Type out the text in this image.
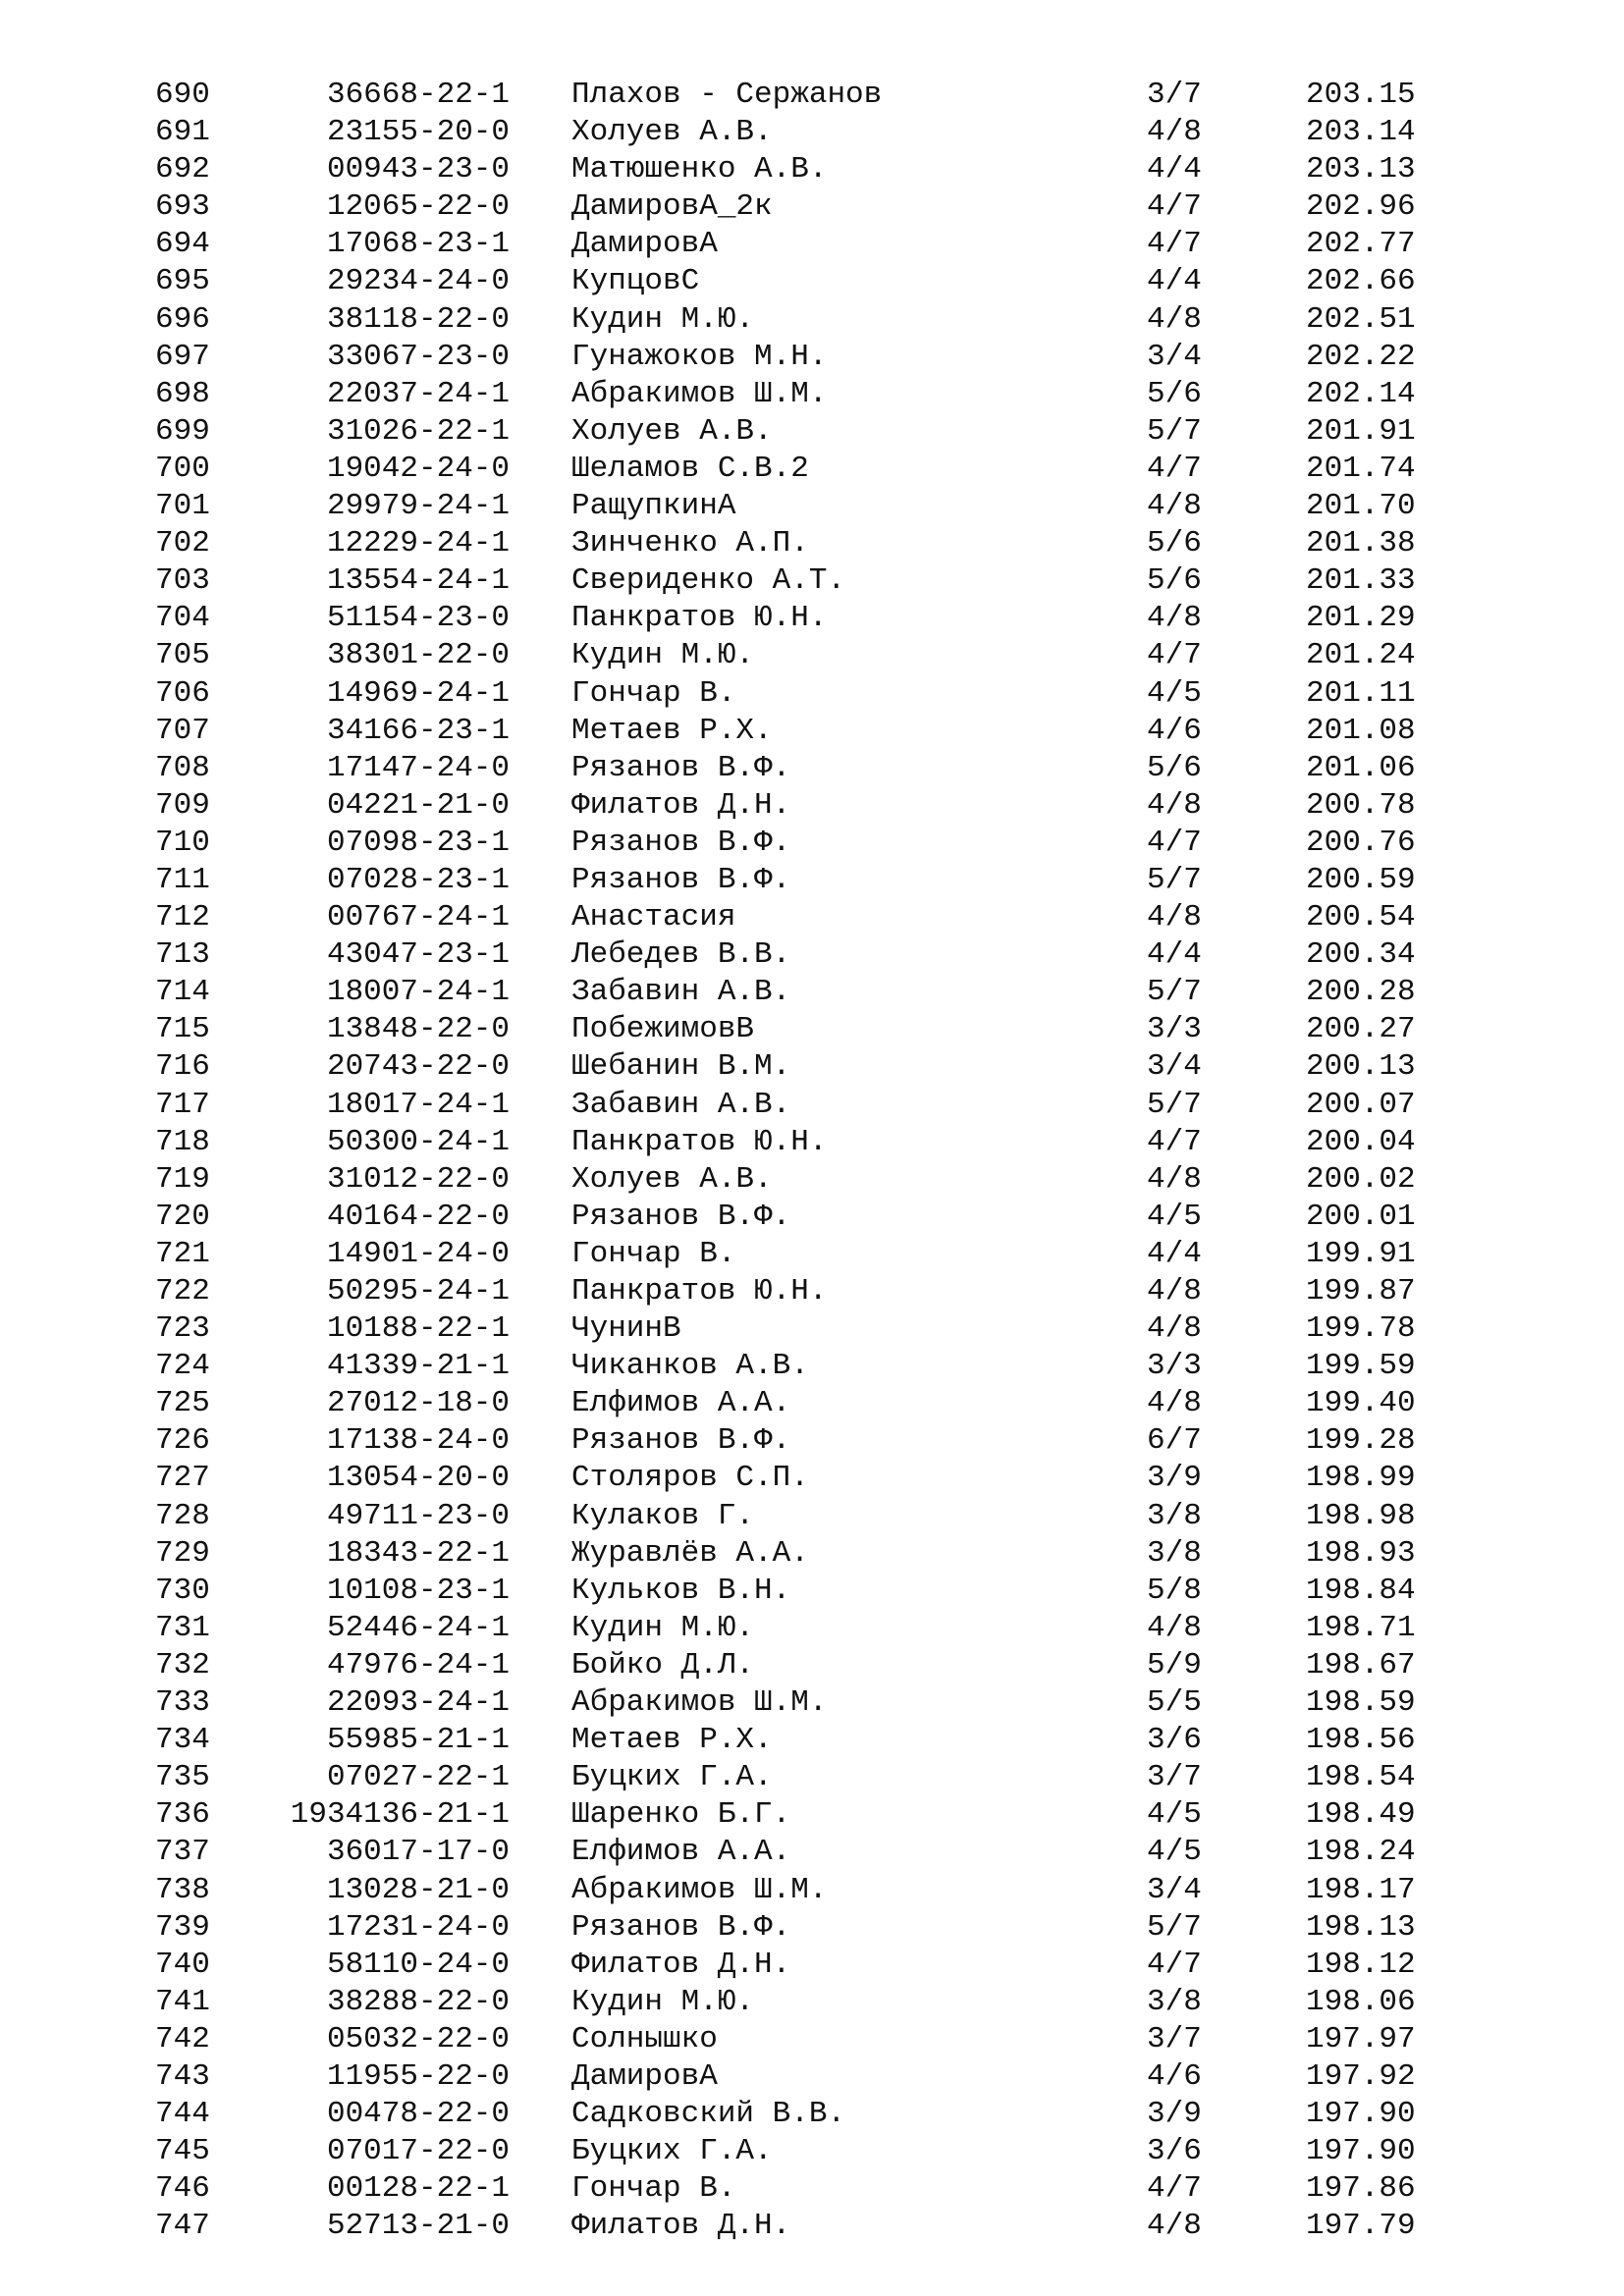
690	36668-22-1 Плахов - Сержанов	3/7	203.15
691	23155-20-0 Холуев А.В.	4/8	203.14
692	00943-23-0 Матюшенко А.В.	4/4	203.13
693	12065-22-0 ДамировА_2к	4/7	202.96
694	17068-23-1 ДамировА	4/7	202.77
695	29234-24-0 КупцовС	4/4	202.66
696	38118-22-0 Кудин М.Ю.	4/8	202.51
697	33067-23-0 Гунажоков М.Н.	3/4	202.22
698	22037-24-1 Абракимов Ш.М.	5/6	202.14
699	31026-22-1 Холуев А.В.	5/7	201.91
700	19042-24-0 Шеламов С.В.2	4/7	201.74
701	29979-24-1 РащупкинА	4/8	201.70
702	12229-24-1 Зинченко А.П.	5/6	201.38
703	13554-24-1 Свериденко А.Т.	5/6	201.33
704	51154-23-0 Панкратов Ю.Н.	4/8	201.29
705	38301-22-0 Кудин М.Ю.	4/7	201.24
706	14969-24-1 Гончар В.	4/5	201.11
707	34166-23-1 Метаев Р.Х.	4/6	201.08
708	17147-24-0 Рязанов В.Ф.	5/6	201.06
709	04221-21-0 Филатов Д.Н.	4/8	200.78
710	07098-23-1 Рязанов В.Ф.	4/7	200.76
711	07028-23-1 Рязанов В.Ф.	5/7	200.59
712	00767-24-1 Анастасия	4/8	200.54
713	43047-23-1 Лебедев В.В.	4/4	200.34
714	18007-24-1 Забавин А.В.	5/7	200.28
715	13848-22-0 ПобежимовВ	3/3	200.27
716	20743-22-0 Шебанин В.М.	3/4	200.13
717	18017-24-1 Забавин А.В.	5/7	200.07
718	50300-24-1 Панкратов Ю.Н.	4/7	200.04
719	31012-22-0 Холуев А.В.	4/8	200.02
720	40164-22-0 Рязанов В.Ф.	4/5	200.01
721	14901-24-0 Гончар В.	4/4	199.91
722	50295-24-1 Панкратов Ю.Н.	4/8	199.87
723	10188-22-1 ЧунинВ	4/8	199.78
724	41339-21-1 Чиканков А.В.	3/3	199.59
725	27012-18-0 Елфимов А.А.	4/8	199.40
726	17138-24-0 Рязанов В.Ф.	6/7	199.28
727	13054-20-0 Столяров С.П.	3/9	198.99
728	49711-23-0 Кулаков Г.	3/8	198.98
729	18343-22-1 Журавлёв А.А.	3/8	198.93
730	10108-23-1 Кульков В.Н.	5/8	198.84
731	52446-24-1 Кудин М.Ю.	4/8	198.71
732	47976-24-1 Бойко Д.Л.	5/9	198.67
733	22093-24-1 Абракимов Ш.М.	5/5	198.59
734	55985-21-1 Метаев Р.Х.	3/6	198.56
735	07027-22-1 Буцких Г.А.	3/7	198.54
736	1934136-21-1 Шаренко Б.Г.	4/5	198.49
737	36017-17-0 Елфимов А.А.	4/5	198.24
738	13028-21-0 Абракимов Ш.М.	3/4	198.17
739	17231-24-0 Рязанов В.Ф.	5/7	198.13
740	58110-24-0 Филатов Д.Н.	4/7	198.12
741	38288-22-0 Кудин М.Ю.	3/8	198.06
742	05032-22-0 Солнышко	3/7	197.97
743	11955-22-0 ДамировА	4/6	197.92
744	00478-22-0 Садковский В.В.	3/9	197.90
745	07017-22-0 Буцких Г.А.	3/6	197.90
746	00128-22-1 Гончар В.	4/7	197.86
747	52713-21-0 Филатов Д.Н.	4/8	197.79
